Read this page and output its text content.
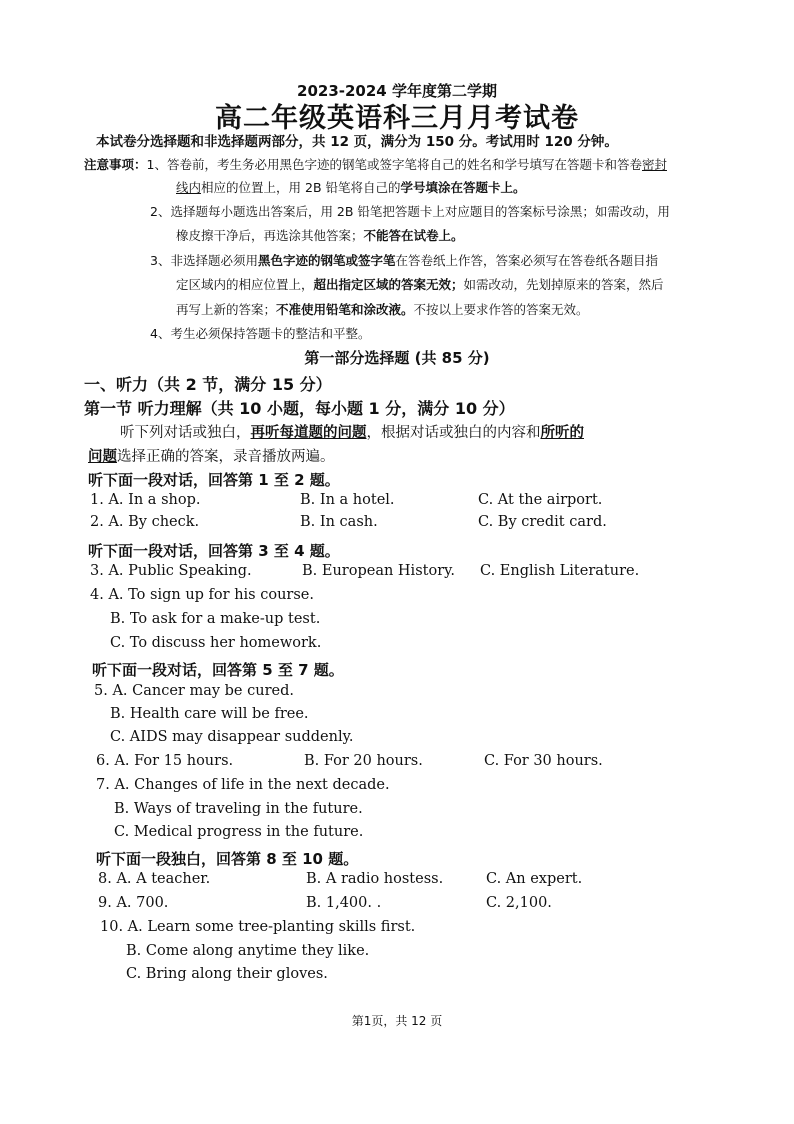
2023-2024 学年度第二学期
高二年级英语科三月月考试卷
本试卷分选择题和非选择题两部分，共 12 页，满分为 150 分。考试用时 120 分钟。
注意事项：1、答卷前，考生务必用黑色字迹的钢笔或签字笔将自己的姓名和学号填写在答题卡和答卷密封
线内相应的位置上，用 2B 铅笔将自己的学号填涂在答题卡上。
2、选择题每小题选出答案后，用 2B 铅笔把答题卡上对应题目的答案标号涂黑；如需改动，用
橡皮擦干净后，再选涂其他答案；不能答在试卷上。
3、非选择题必须用黑色字迹的钢笔或签字笔在答卷纸上作答，答案必须写在答卷纸各题目指
定区域内的相应位置上，超出指定区域的答案无效；如需改动，先划掉原来的答案，然后
再写上新的答案；不准使用铅笔和涂改液。不按以上要求作答的答案无效。
4、考生必须保持答题卡的整洁和平整。
第一部分选择题 (共 85 分)
一、听力（共 2 节，满分 15 分）
第一节 听力理解（共 10 小题，每小题 1 分，满分 10 分）
听下列对话或独白，再听每道题的问题，根据对话或独白的内容和所听的
问题选择正确的答案，录音播放两遍。
听下面一段对话，回答第 1 至 2 题。
1. A. In a shop.	B. In a hotel.	C. At the airport.
2. A. By check.	B. In cash.	C. By credit card.
听下面一段对话，回答第 3 至 4 题。
3. A. Public Speaking.	B. European History. C. English Literature.
4. A. To sign up for his course.
B. To ask for a make-up test.
C. To discuss her homework.
听下面一段对话，回答第 5 至 7 题。
5. A. Cancer may be cured.
B. Health care will be free.
C. AIDS may disappear suddenly.
6. A. For 15 hours.	B. For 20 hours.	C. For 30 hours.
7. A. Changes of life in the next decade.
B. Ways of traveling in the future.
C. Medical progress in the future.
听下面一段独白，回答第 8 至 10 题。
8. A. A teacher.	B. A radio hostess.	C. An expert.
9. A. 700.	B. 1,400. .	C. 2,100.
10. A. Learn some tree-planting skills first.
B. Come along anytime they like.
C. Bring along their gloves.
第1页，共 12 页
